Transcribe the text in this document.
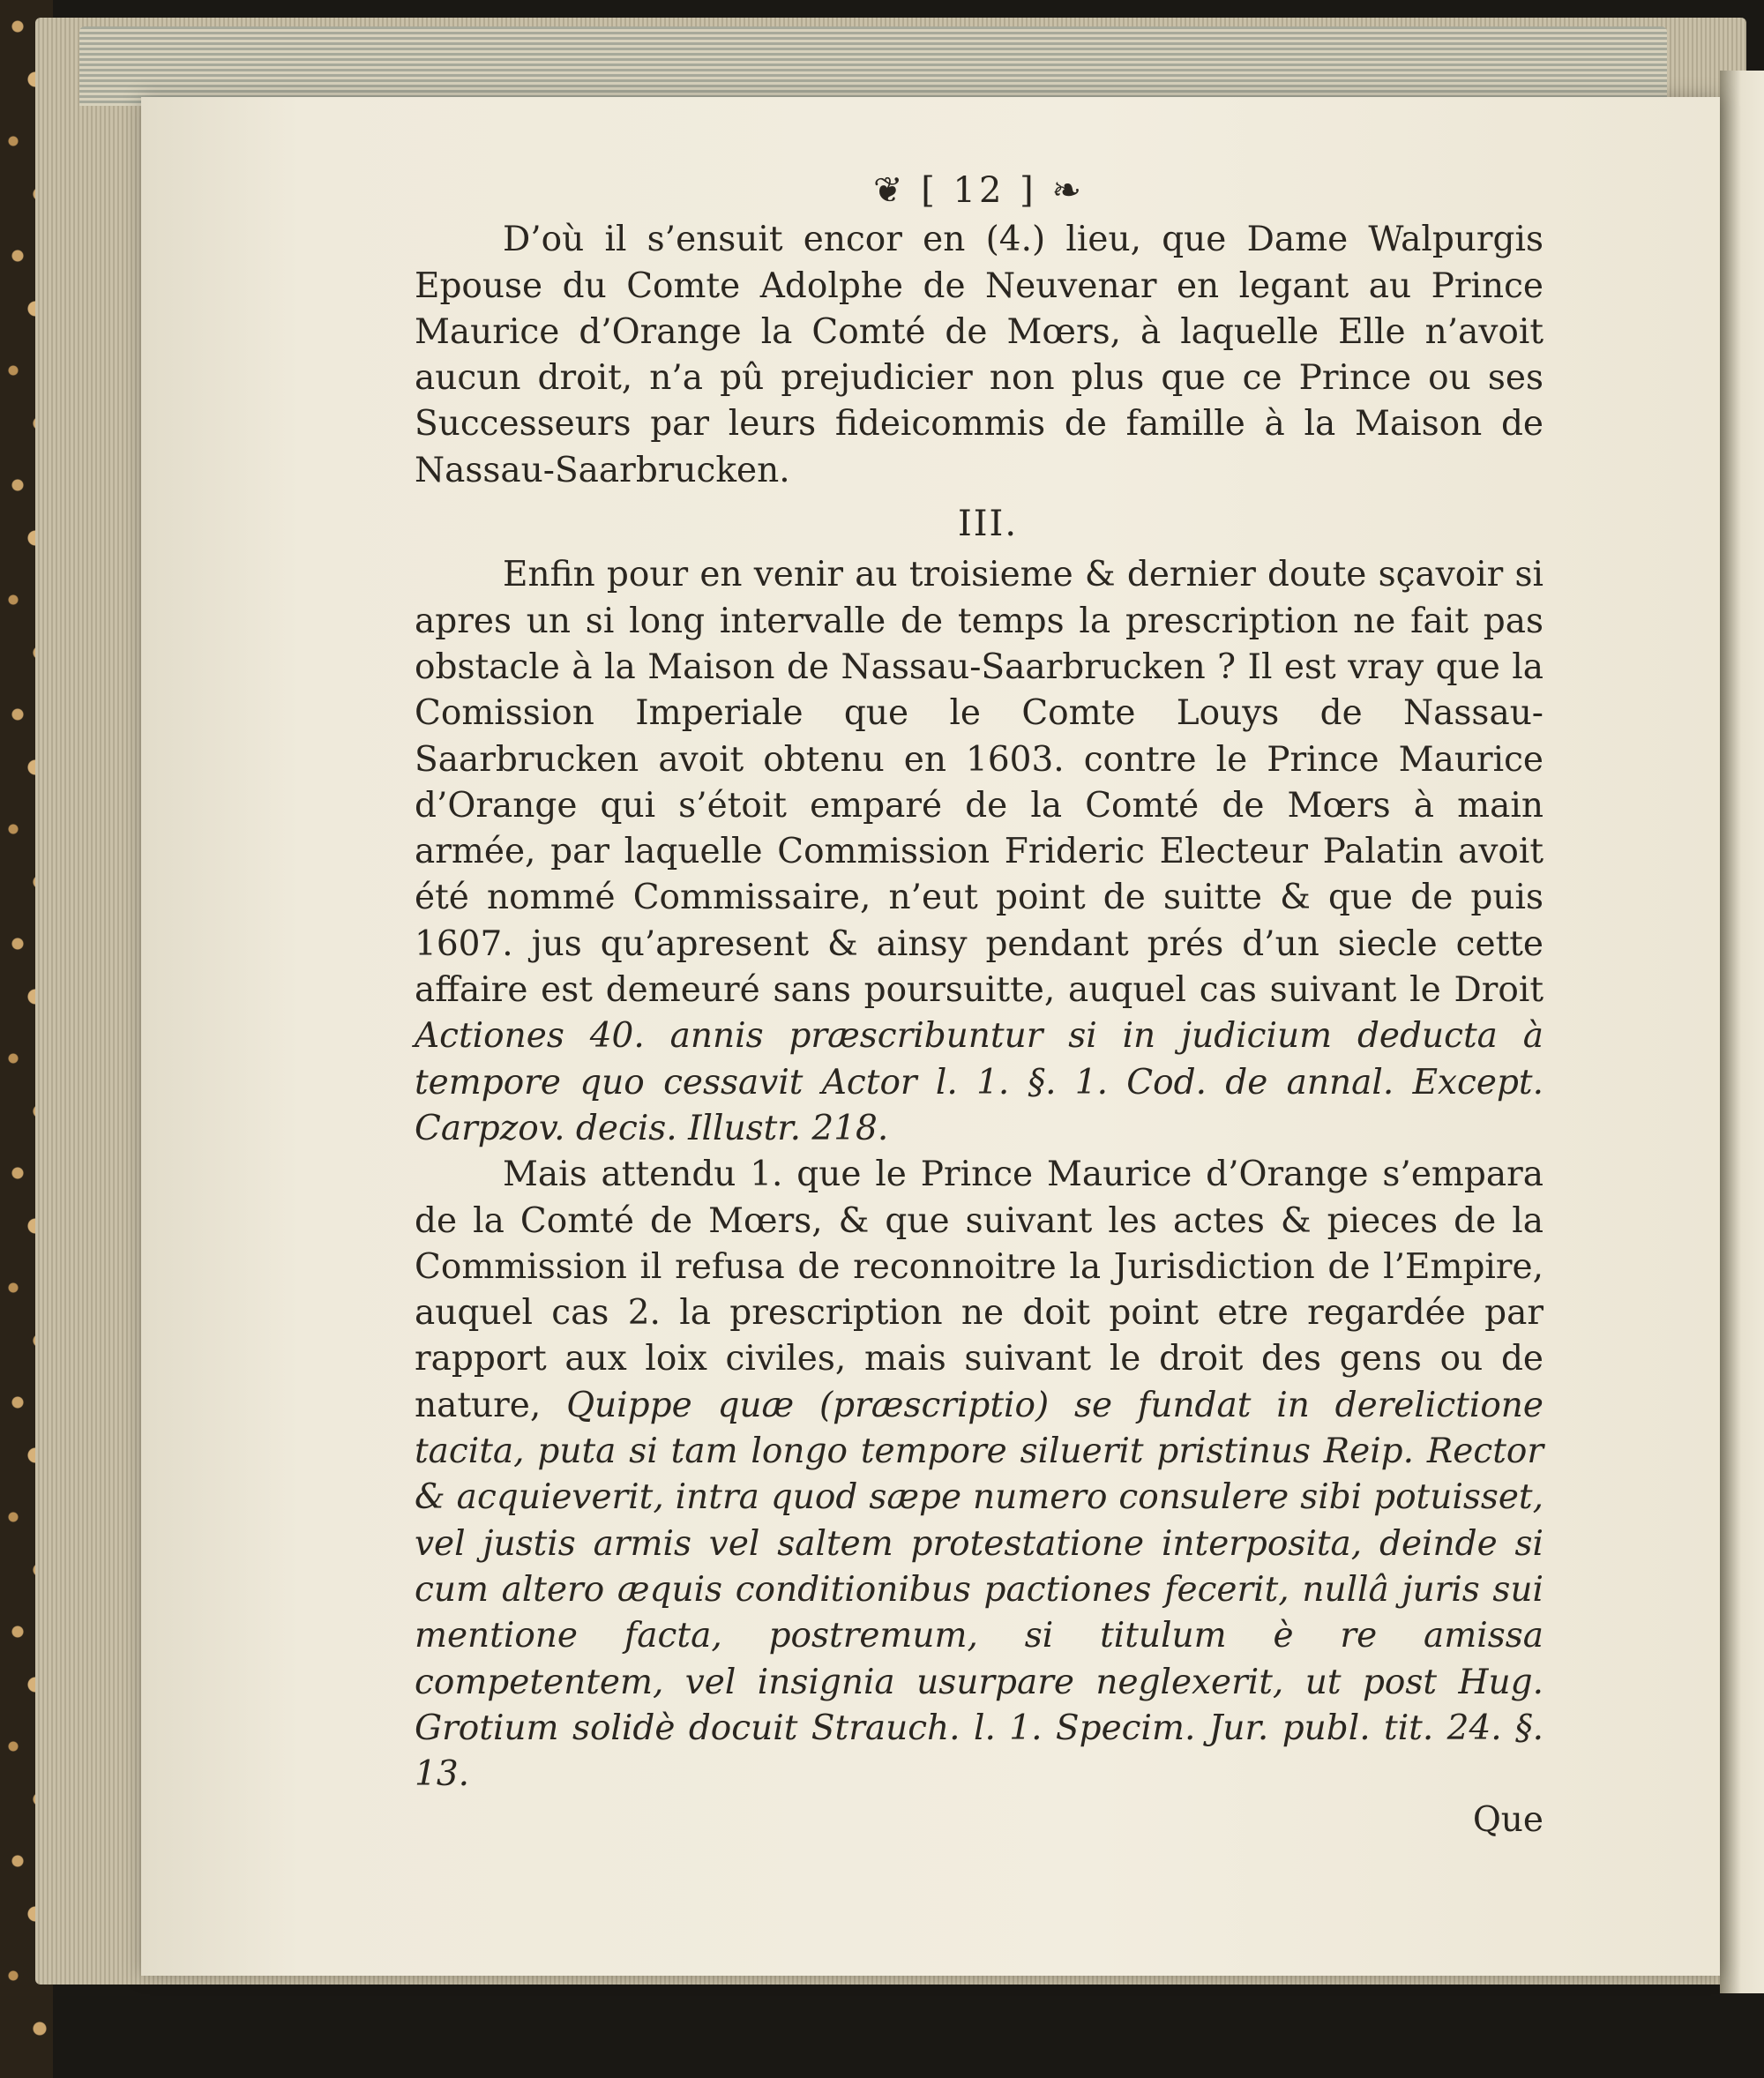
❦ [ 12 ] ❧

D’où il s’ensuit encor en (4.) lieu, que Dame Walpurgis Epouse du Comte Adolphe de Neuvenar en legant au Prince Maurice d’Orange la Comté de Mœrs, à laquelle Elle n’avoit aucun droit, n’a pû prejudicier non plus que ce Prince ou ses Successeurs par leurs fideicommis de famille à la Maison de Nassau-Saarbrucken.

III.

Enfin pour en venir au troisieme & dernier doute sçavoir si apres un si long intervalle de temps la prescription ne fait pas obstacle à la Maison de Nassau-Saarbrucken ? Il est vray que la Comission Imperiale que le Comte Louys de Nassau-Saarbrucken avoit obtenu en 1603. contre le Prince Maurice d’Orange qui s’étoit emparé de la Comté de Mœrs à main armée, par laquelle Commission Frideric Electeur Palatin avoit été nommé Commissaire, n’eut point de suitte & que de puis 1607. jus qu’apresent & ainsy pendant prés d’un siecle cette affaire est demeuré sans poursuitte, auquel cas suivant le Droit Actiones 40. annis præscribuntur si in judicium deducta à tempore quo cessavit Actor l. 1. §. 1. Cod. de annal. Except. Carpzov. decis. Illustr. 218.

Mais attendu 1. que le Prince Maurice d’Orange s’empara de la Comté de Mœrs, & que suivant les actes & pieces de la Commission il refusa de reconnoitre la Jurisdiction de l’Empire, auquel cas 2. la prescription ne doit point etre regardée par rapport aux loix civiles, mais suivant le droit des gens ou de nature, Quippe quæ (præscriptio) se fundat in derelictione tacita, puta si tam longo tempore siluerit pristinus Reip. Rector & acquieverit, intra quod sæpe numero consulere sibi potuisset, vel justis armis vel saltem protestatione interposita, deinde si cum altero æquis conditionibus pactiones fecerit, nullâ juris sui mentione facta, postremum, si titulum è re amissa competentem, vel insignia usurpare neglexerit, ut post Hug. Grotium solidè docuit Strauch. l. 1. Specim. Jur. publ. tit. 24. §. 13.

Que
